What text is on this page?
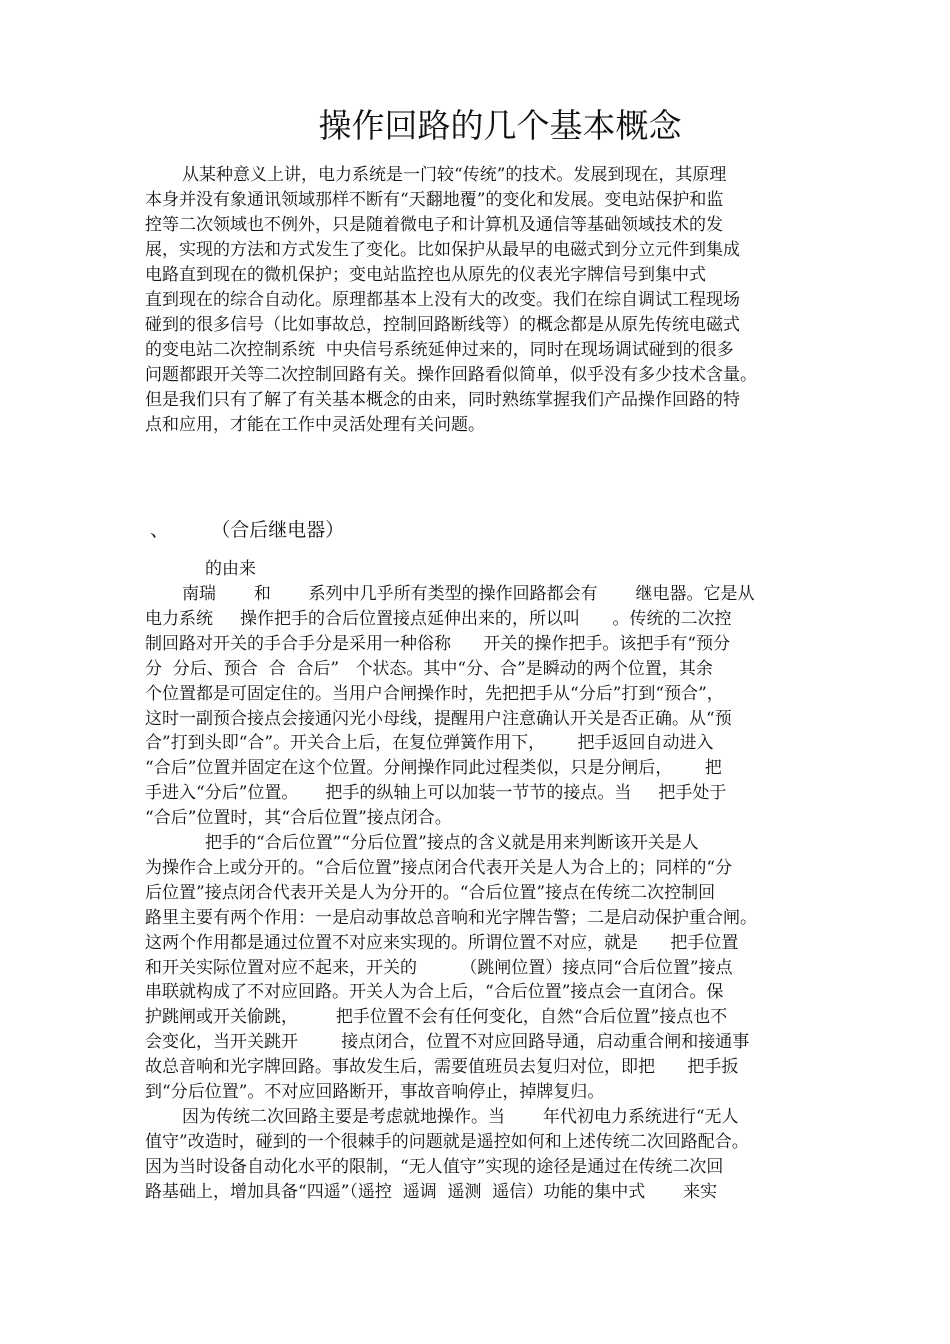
操作回路的几个基本概念
从某种意义上讲，电力系统是一门较“传统”的技术。发展到现在，其原理
本身并没有象通讯领域那样不断有“天翻地覆”的变化和发展。变电站保护和监
控等二次领域也不例外，只是随着微电子和计算机及通信等基础领域技术的发
展，实现的方法和方式发生了变化。比如保护从最早的电磁式到分立元件到集成
电路直到现在的微机保护；变电站监控也从原先的仪表光字牌信号到集中式
直到现在的综合自动化。原理都基本上没有大的改变。我们在综自调试工程现场
碰到的很多信号（比如事故总，控制回路断线等）的概念都是从原先传统电磁式
的变电站二次控制系统  中央信号系统延伸过来的，同时在现场调试碰到的很多
问题都跟开关等二次控制回路有关。操作回路看似简单，似乎没有多少技术含量。
但是我们只有了解了有关基本概念的由来，同时熟练掌握我们产品操作回路的特
点和应用，才能在工作中灵活处理有关问题。
、       （合后继电器）
的由来
南瑞       和       系列中几乎所有类型的操作回路都会有       继电器。它是从
电力系统     操作把手的合后位置接点延伸出来的，所以叫      。传统的二次控
制回路对开关的手合手分是采用一种俗称      开关的操作把手。该把手有“预分
分  分后、预合  合  合后”   个状态。其中“分、合”是瞬动的两个位置，其余
个位置都是可固定住的。当用户合闸操作时，先把把手从“分后”打到“预合”，
这时一副预合接点会接通闪光小母线，提醒用户注意确认开关是否正确。从“预
合”打到头即“合”。开关合上后，在复位弹簧作用下，      把手返回自动进入
“合后”位置并固定在这个位置。分闸操作同此过程类似，只是分闸后，      把
手进入“分后”位置。     把手的纵轴上可以加装一节节的接点。当     把手处于
“合后”位置时，其“合后位置”接点闭合。
把手的“合后位置”“分后位置”接点的含义就是用来判断该开关是人
为操作合上或分开的。“合后位置”接点闭合代表开关是人为合上的；同样的“分
后位置”接点闭合代表开关是人为分开的。“合后位置”接点在传统二次控制回
路里主要有两个作用：一是启动事故总音响和光字牌告警；二是启动保护重合闸。
这两个作用都是通过位置不对应来实现的。所谓位置不对应，就是      把手位置
和开关实际位置对应不起来，开关的        （跳闸位置）接点同“合后位置”接点
串联就构成了不对应回路。开关人为合上后，“合后位置”接点会一直闭合。保
护跳闸或开关偷跳，       把手位置不会有任何变化，自然“合后位置”接点也不
会变化，当开关跳开        接点闭合，位置不对应回路导通，启动重合闸和接通事
故总音响和光字牌回路。事故发生后，需要值班员去复归对位，即把      把手扳
到“分后位置”。不对应回路断开，事故音响停止，掉牌复归。
因为传统二次回路主要是考虑就地操作。当       年代初电力系统进行“无人
值守”改造时，碰到的一个很棘手的问题就是遥控如何和上述传统二次回路配合。
因为当时设备自动化水平的限制，“无人值守”实现的途径是通过在传统二次回
路基础上，增加具备“四遥”（遥控  遥调  遥测  遥信）功能的集中式       来实
